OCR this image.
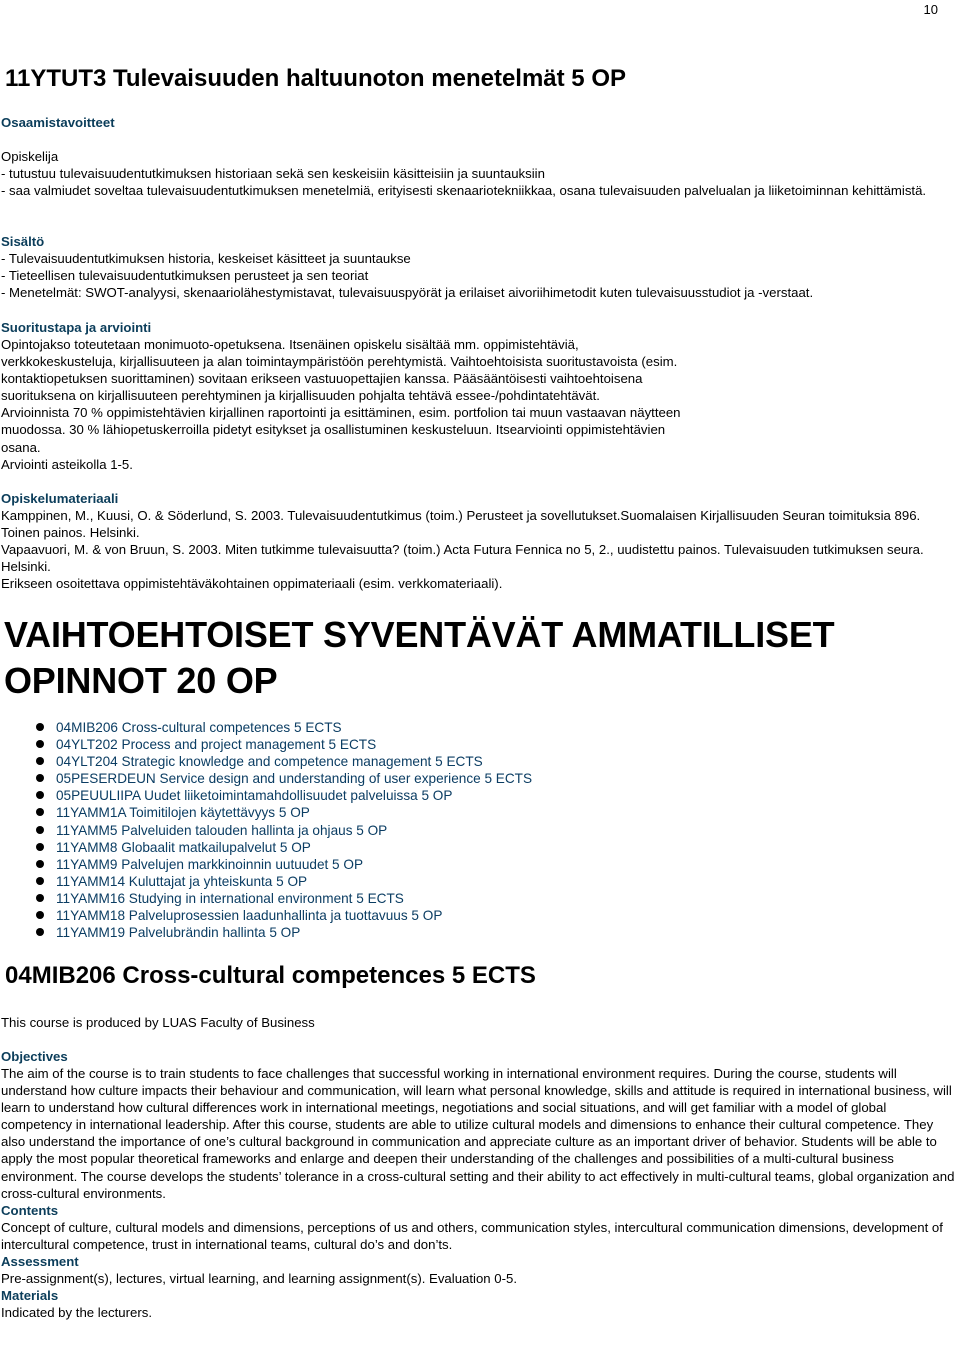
10
11YTUT3 Tulevaisuuden haltuunoton menetelmät 5 OP

Osaamistavoitteet

Opiskelija

- tutustuu tulevaisuudentutkimuksen historiaan sekä sen keskeisiin käsitteisiin ja suuntauksiin

- saa valmiudet soveltaa tulevaisuudentutkimuksen menetelmiä, erityisesti skenaariotekniikkaa, osana tulevaisuuden palvelualan ja liiketoiminnan kehittämistä.

Sisältö

- Tulevaisuudentutkimuksen historia, keskeiset käsitteet ja suuntaukse

- Tieteellisen tulevaisuudentutkimuksen perusteet ja sen teoriat

- Menetelmät: SWOT-analyysi, skenaariolähestymistavat, tulevaisuuspyörät ja erilaiset aivoriihimetodit kuten tulevaisuusstudiot ja -verstaat.

Suoritustapa ja arviointi

Opintojakso toteutetaan monimuoto-opetuksena. Itsenäinen opiskelu sisältää mm. oppimistehtäviä,

verkkokeskusteluja, kirjallisuuteen ja alan toimintaympäristöön perehtymistä. Vaihtoehtoisista suoritustavoista (esim.

kontaktiopetuksen suorittaminen) sovitaan erikseen vastuuopettajien kanssa. Pääsääntöisesti vaihtoehtoisena

suorituksena on kirjallisuuteen perehtyminen ja kirjallisuuden pohjalta tehtävä essee-/pohdintatehtävät.

Arvioinnista 70 % oppimistehtävien kirjallinen raportointi ja esittäminen, esim. portfolion tai muun vastaavan näytteen

muodossa. 30 % lähiopetuskerroilla pidetyt esitykset ja osallistuminen keskusteluun. Itsearviointi oppimistehtävien

osana.

Arviointi asteikolla 1-5.

Opiskelumateriaali

Kamppinen, M., Kuusi, O. & Söderlund, S. 2003. Tulevaisuudentutkimus (toim.) Perusteet ja sovellutukset.Suomalaisen Kirjallisuuden Seuran toimituksia 896. Toinen painos. Helsinki.

Vapaavuori, M. & von Bruun, S. 2003. Miten tutkimme tulevaisuutta? (toim.) Acta Futura Fennica no 5, 2., uudistettu painos. Tulevaisuuden tutkimuksen seura. Helsinki.

Erikseen osoitettava oppimistehtäväkohtainen oppimateriaali (esim. verkkomateriaali).

VAIHTOEHTOISET SYVENTÄVÄT AMMATILLISET OPINNOT 20 OP
04MIB206 Cross-cultural competences 5 ECTS
04YLT202 Process and project management 5 ECTS
04YLT204 Strategic knowledge and competence management 5 ECTS
05PESERDEUN Service design and understanding of user experience 5 ECTS
05PEUULIIPA Uudet liiketoimintamahdollisuudet palveluissa 5 OP
11YAMM1A Toimitilojen käytettävyys 5 OP
11YAMM5 Palveluiden talouden hallinta ja ohjaus 5 OP
11YAMM8 Globaalit matkailupalvelut 5 OP
11YAMM9 Palvelujen markkinoinnin uutuudet 5 OP
11YAMM14 Kuluttajat ja yhteiskunta 5 OP
11YAMM16 Studying in international environment 5 ECTS
11YAMM18 Palveluprosessien laadunhallinta ja tuottavuus 5 OP
11YAMM19 Palvelubrändin hallinta 5 OP
04MIB206 Cross-cultural competences 5 ECTS

This course is produced by LUAS Faculty of Business

Objectives

The aim of the course is to train students to face challenges that successful working in international environment requires. During the course, students will understand how culture impacts their behaviour and communication, will learn what personal knowledge, skills and attitude is required in international business, will learn to understand how cultural differences work in international meetings, negotiations and social situations, and will get familiar with a model of global competency in international leadership. After this course, students are able to utilize cultural models and dimensions to enhance their cultural competence. They also understand the importance of one’s cultural background in communication and appreciate culture as an important driver of behavior. Students will be able to apply the most popular theoretical frameworks and enlarge and deepen their understanding of the challenges and possibilities of a multi-cultural business environment. The course develops the students’ tolerance in a cross-cultural setting and their ability to act effectively in multi-cultural teams, global organization and cross-cultural environments.

Contents

Concept of culture, cultural models and dimensions, perceptions of us and others, communication styles, intercultural communication dimensions, development of intercultural competence, trust in international teams, cultural do’s and don’ts.

Assessment

Pre-assignment(s), lectures, virtual learning, and learning assignment(s). Evaluation 0-5.

Materials

Indicated by the lecturers.
